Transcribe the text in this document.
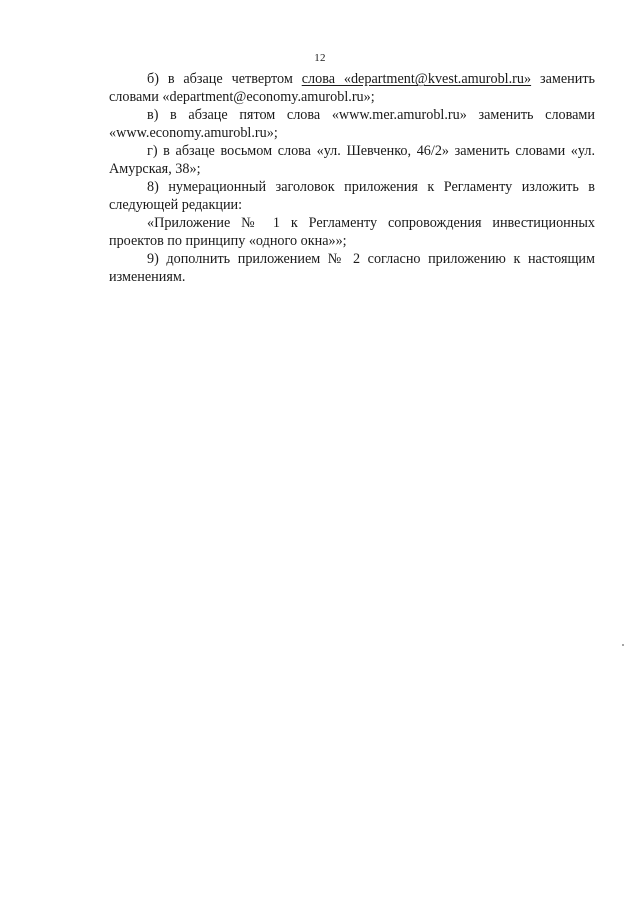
12

б) в абзаце четвертом слова «department@kvest.amurobl.ru» заменить словами «department@economy.amurobl.ru»;

в) в абзаце пятом слова «www.mer.amurobl.ru» заменить словами «www.economy.amurobl.ru»;

г) в абзаце восьмом слова «ул. Шевченко, 46/2» заменить словами «ул. Амурская, 38»;

8) нумерационный заголовок приложения к Регламенту изложить в следующей редакции:

«Приложение № 1 к Регламенту сопровождения инвестиционных проектов по принципу «одного окна»»;

9) дополнить приложением № 2 согласно приложению к настоящим изменениям.
